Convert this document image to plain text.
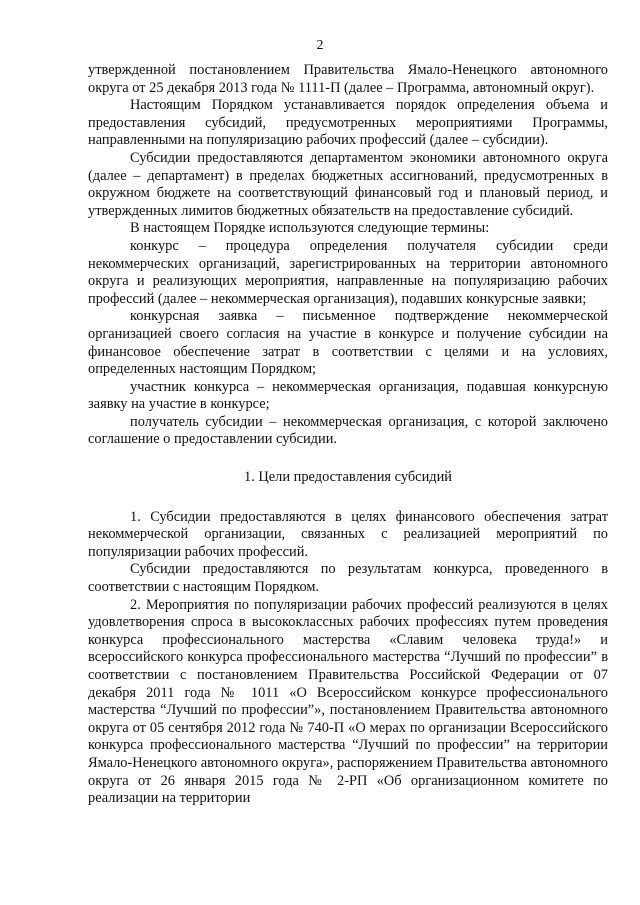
2

утвержденной постановлением Правительства Ямало-Ненецкого автономного округа от 25 декабря 2013 года № 1111-П (далее – Программа, автономный округ).

Настоящим Порядком устанавливается порядок определения объема и предоставления субсидий, предусмотренных мероприятиями Программы, направленными на популяризацию рабочих профессий (далее – субсидии).

Субсидии предоставляются департаментом экономики автономного округа (далее – департамент) в пределах бюджетных ассигнований, предусмотренных в окружном бюджете на соответствующий финансовый год и плановый период, и утвержденных лимитов бюджетных обязательств на предоставление субсидий.

В настоящем Порядке используются следующие термины:

конкурс – процедура определения получателя субсидии среди некоммерческих организаций, зарегистрированных на территории автономного округа и реализующих мероприятия, направленные на популяризацию рабочих профессий (далее – некоммерческая организация), подавших конкурсные заявки;

конкурсная заявка – письменное подтверждение некоммерческой организацией своего согласия на участие в конкурсе и получение субсидии на финансовое обеспечение затрат в соответствии с целями и на условиях, определенных настоящим Порядком;

участник конкурса – некоммерческая организация, подавшая конкурсную заявку на участие в конкурсе;

получатель субсидии – некоммерческая организация, с которой заключено соглашение о предоставлении субсидии.

1. Цели предоставления субсидий

1. Субсидии предоставляются в целях финансового обеспечения затрат некоммерческой организации, связанных с реализацией мероприятий по популяризации рабочих профессий.

Субсидии предоставляются по результатам конкурса, проведенного в соответствии с настоящим Порядком.

2. Мероприятия по популяризации рабочих профессий реализуются в целях удовлетворения спроса в высококлассных рабочих профессиях путем проведения конкурса профессионального мастерства «Славим человека труда!» и всероссийского конкурса профессионального мастерства “Лучший по профессии” в соответствии с постановлением Правительства Российской Федерации от 07 декабря 2011 года № 1011 «О Всероссийском конкурсе профессионального мастерства “Лучший по профессии”», постановлением Правительства автономного округа от 05 сентября 2012 года № 740-П «О мерах по организации Всероссийского конкурса профессионального мастерства “Лучший по профессии” на территории Ямало-Ненецкого автономного округа», распоряжением Правительства автономного округа от 26 января 2015 года № 2-РП «Об организационном комитете по реализации на территории
